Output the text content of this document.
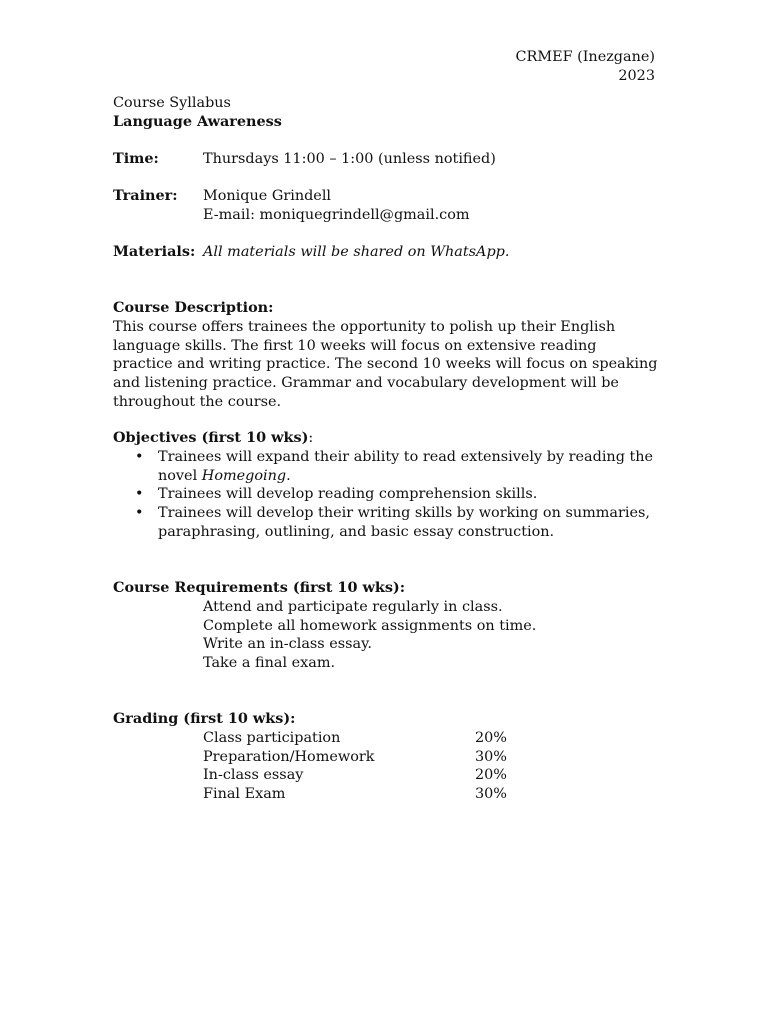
CRMEF (Inezgane)
2023

Course Syllabus

Language Awareness

Time:	Thursdays 11:00 – 1:00 (unless notified)
Trainer:	Monique Grindell
E-mail: moniquegrindell@gmail.com
Materials: All materials will be shared on WhatsApp.

Course Description:

This course offers trainees the opportunity to polish up their English language skills. The first 10 weeks will focus on extensive reading practice and writing practice. The second 10 weeks will focus on speaking and listening practice. Grammar and vocabulary development will be throughout the course.

Objectives (first 10 wks):

• Trainees will expand their ability to read extensively by reading the novel Homegoing.
• Trainees will develop reading comprehension skills.
• Trainees will develop their writing skills by working on summaries, paraphrasing, outlining, and basic essay construction.

Course Requirements (first 10 wks):

Attend and participate regularly in class.

Complete all homework assignments on time.

Write an in-class essay.

Take a final exam.

Grading (first 10 wks):

Class participation	20%
Preparation/Homework	30%
In-class essay	20%
Final Exam	30%
